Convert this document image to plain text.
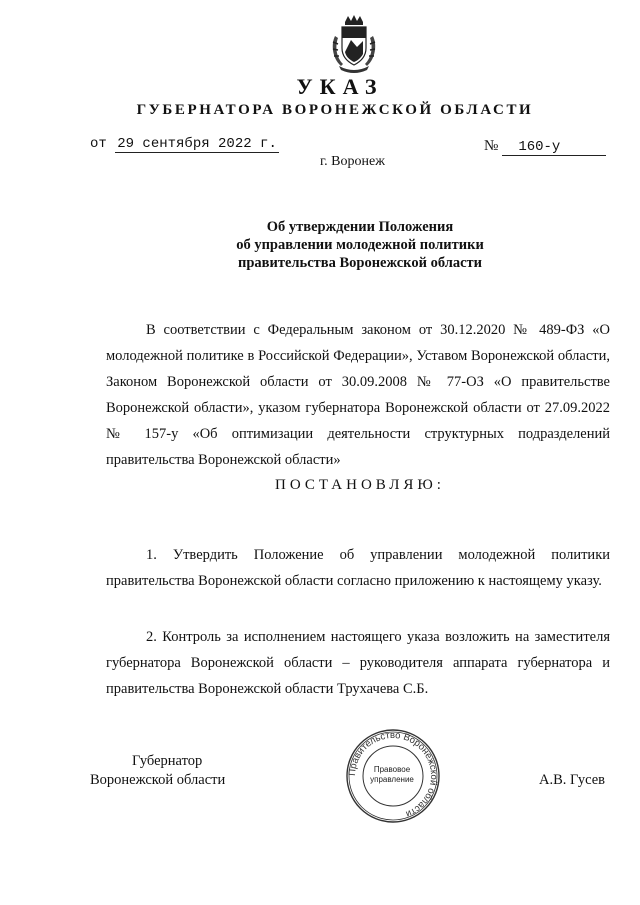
УКАЗ
ГУБЕРНАТОРА ВОРОНЕЖСКОЙ ОБЛАСТИ
от 29 сентября 2022 г.	№ 160-у
г. Воронеж
Об утверждении Положения
об управлении молодежной политики
правительства Воронежской области
В соответствии с Федеральным законом от 30.12.2020 № 489-ФЗ «О молодежной политике в Российской Федерации», Уставом Воронежской области, Законом Воронежской области от 30.09.2008 № 77-ОЗ «О правительстве Воронежской области», указом губернатора Воронежской области от 27.09.2022 № 157-у «Об оптимизации деятельности структурных подразделений правительства Воронежской области»
ПОСТАНОВЛЯЮ:
1. Утвердить Положение об управлении молодежной политики правительства Воронежской области согласно приложению к настоящему указу.
2. Контроль за исполнением настоящего указа возложить на заместителя губернатора Воронежской области – руководителя аппарата губернатора и правительства Воронежской области Трухачева С.Б.
Губернатор
Воронежской области	Правительство Воронежской области
Правовое
управление	А.В. Гусев
